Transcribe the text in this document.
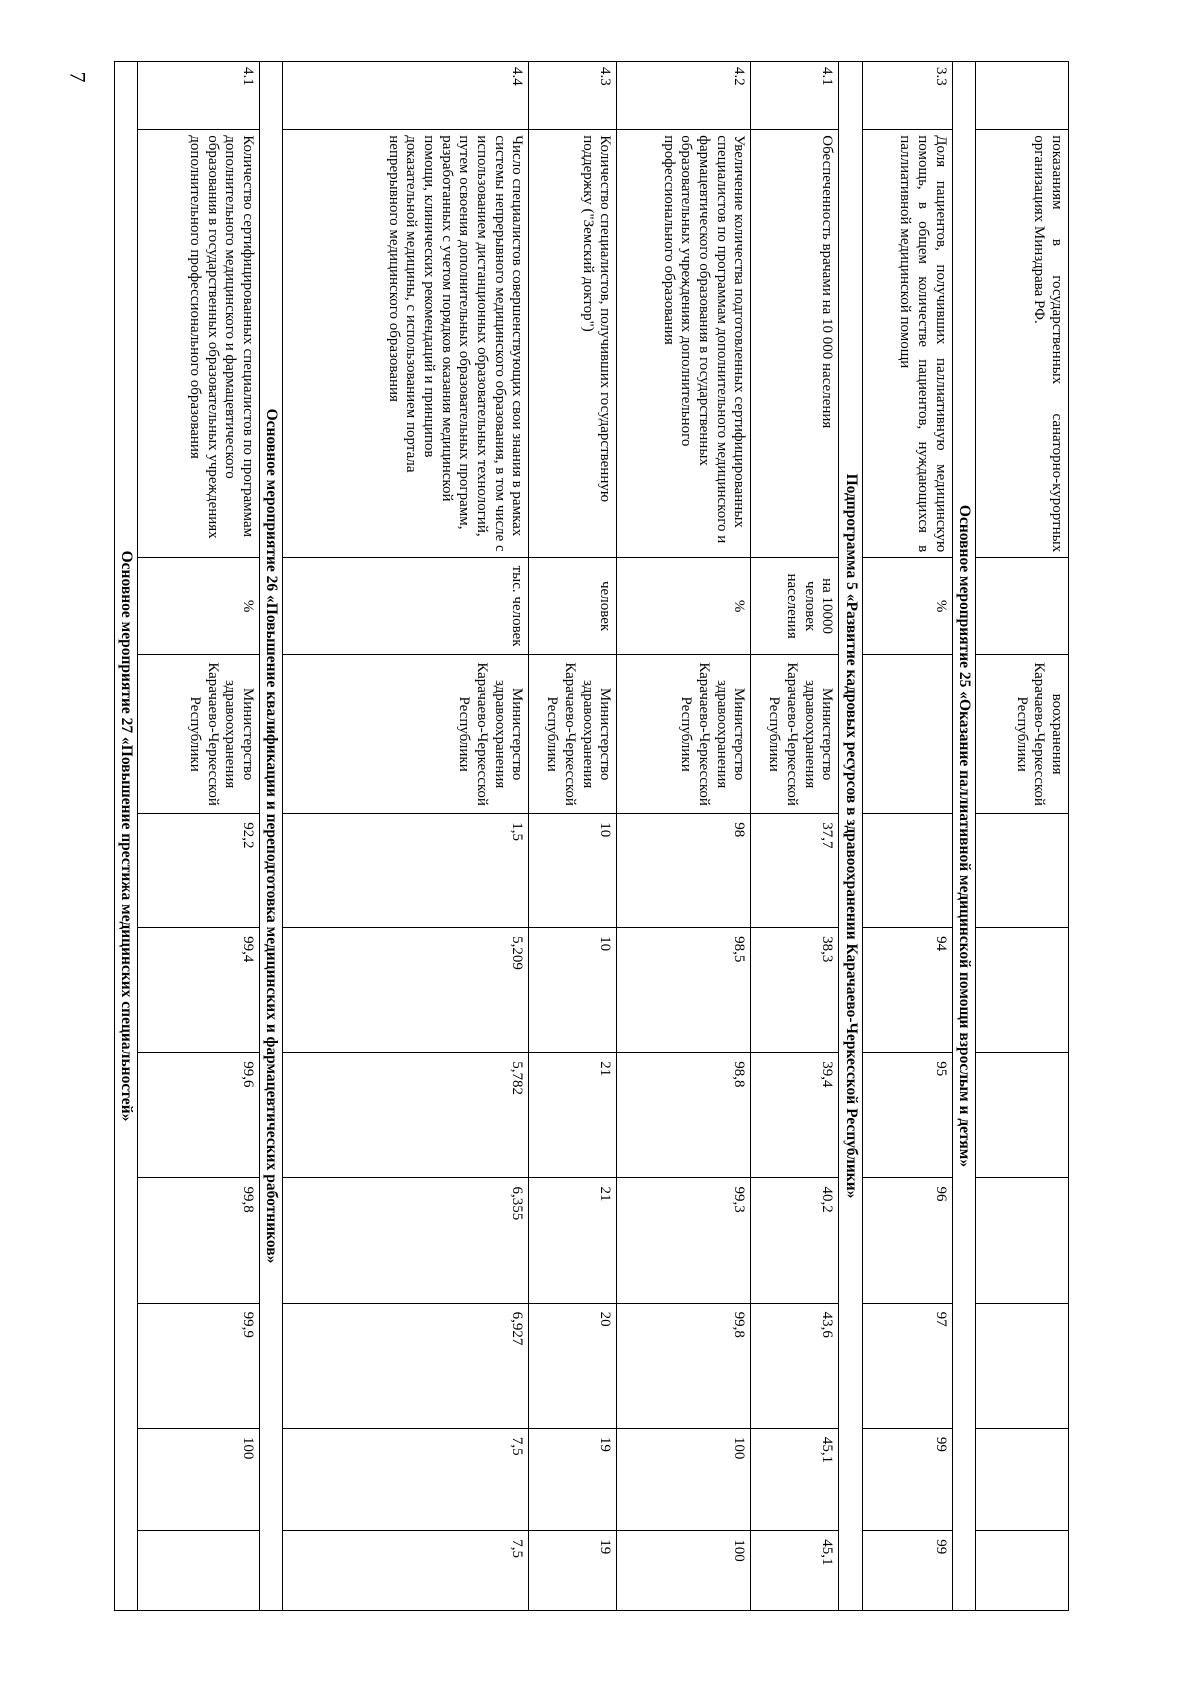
7
	показаниям в государственных санаторно-курортных организациях Минздрава РФ.		воохранения Карачаево-Черкесской Республики							
Основное мероприятие 25 «Оказание паллиативной медицинской помощи взрослым и детям»										
3.3	Доля пациентов, получивших паллиативную медицинскую помощь, в общем количестве пациентов, нуждающихся в паллиативной медицинской помощи	%			94	95	96	97	99	99
Подпрограмма 5 «Развитие кадровых ресурсов в здравоохранении Карачаево-Черкесской Республики»										
4.1	Обеспеченность врачами на 10 000 населения	на 10000 человек населения	Министерство здравоохранения Карачаево-Черкесской Республики	37,7	38,3	39,4	40,2	43,6	45,1	45,1
4.2	Увеличение количества подготовленных сертифицированных специалистов по программам дополнительного медицинского и фармацевтического образования в государственных образовательных учреждениях дополнительного профессионального образования	%	Министерство здравоохранения Карачаево-Черкесской Республики	98	98,5	98,8	99,3	99,8	100	100
4.3	Количество специалистов, получивших государственную поддержку ("Земский доктор")	человек	Министерство здравоохранения Карачаево-Черкесской Республики	10	10	21	21	20	19	19
4.4	Число специалистов совершенствующих свои знания в рамках системы непрерывного медицинского образования, в том числе с использованием дистанционных образовательных технологий, путем освоения дополнительных образовательных программ, разработанных с учетом порядков оказания медицинской помощи, клинических рекомендаций и принципов доказательной медицины, с использованием портала непрерывного медицинского образования	тыс. человек	Министерство здравоохранения Карачаево-Черкесской Республики	1,5	5,209	5,782	6,355	6,927	7,5	7,5
Основное мероприятие 26 «Повышение квалификации и переподготовка медицинских и фармацевтических работников»										
4.1	Количество сертифицированных специалистов по программам дополнительного медицинского и фармацевтического образования в государственных образовательных учреждениях дополнительного профессионального образования	%	Министерство здравоохранения Карачаево-Черкесской Республики	92,2	99,4	99,6	99,8	99,9	100	
Основное мероприятие 27 «Повышение престижа медицинских специальностей»										
